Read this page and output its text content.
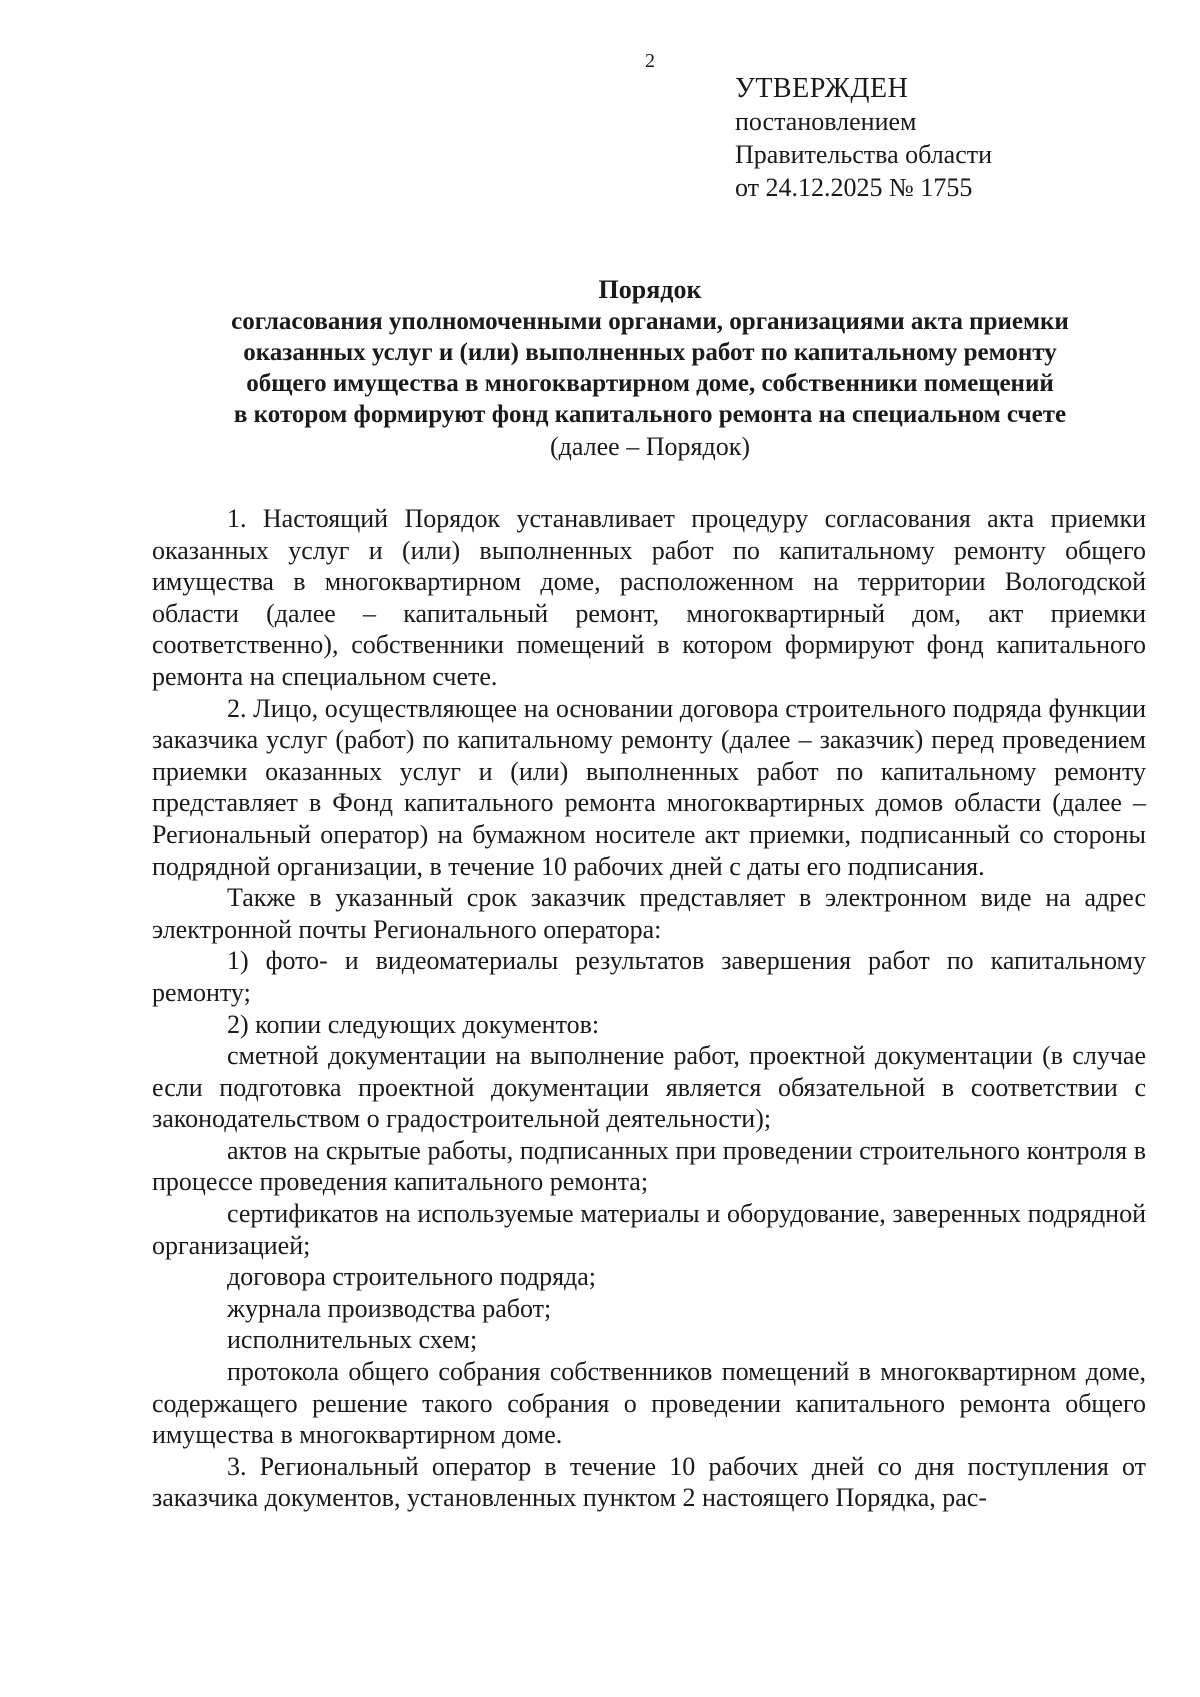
2
УТВЕРЖДЕН
постановлением
Правительства области
от 24.12.2025 № 1755
Порядок
согласования уполномоченными органами, организациями акта приемки
оказанных услуг и (или) выполненных работ по капитальному ремонту
общего имущества в многоквартирном доме, собственники помещений
в котором формируют фонд капитального ремонта на специальном счете
(далее – Порядок)

1. Настоящий Порядок устанавливает процедуру согласования акта приемки оказанных услуг и (или) выполненных работ по капитальному ремонту общего имущества в многоквартирном доме, расположенном на территории Вологодской области (далее – капитальный ремонт, многоквартирный дом, акт приемки соответственно), собственники помещений в котором формируют фонд капитального ремонта на специальном счете.

2. Лицо, осуществляющее на основании договора строительного подряда функции заказчика услуг (работ) по капитальному ремонту (далее – заказчик) перед проведением приемки оказанных услуг и (или) выполненных работ по капитальному ремонту представляет в Фонд капитального ремонта многоквартирных домов области (далее – Региональный оператор) на бумажном носителе акт приемки, подписанный со стороны подрядной организации, в течение 10 рабочих дней с даты его подписания.

Также в указанный срок заказчик представляет в электронном виде на адрес электронной почты Регионального оператора:

1) фото- и видеоматериалы результатов завершения работ по капитальному ремонту;

2) копии следующих документов:

сметной документации на выполнение работ, проектной документации (в случае если подготовка проектной документации является обязательной в соответствии с законодательством о градостроительной деятельности);

актов на скрытые работы, подписанных при проведении строительного контроля в процессе проведения капитального ремонта;

сертификатов на используемые материалы и оборудование, заверенных подрядной организацией;

договора строительного подряда;

журнала производства работ;

исполнительных схем;

протокола общего собрания собственников помещений в многоквартирном доме, содержащего решение такого собрания о проведении капитального ремонта общего имущества в многоквартирном доме.

3. Региональный оператор в течение 10 рабочих дней со дня поступления от заказчика документов, установленных пунктом 2 настоящего Порядка, рас-
